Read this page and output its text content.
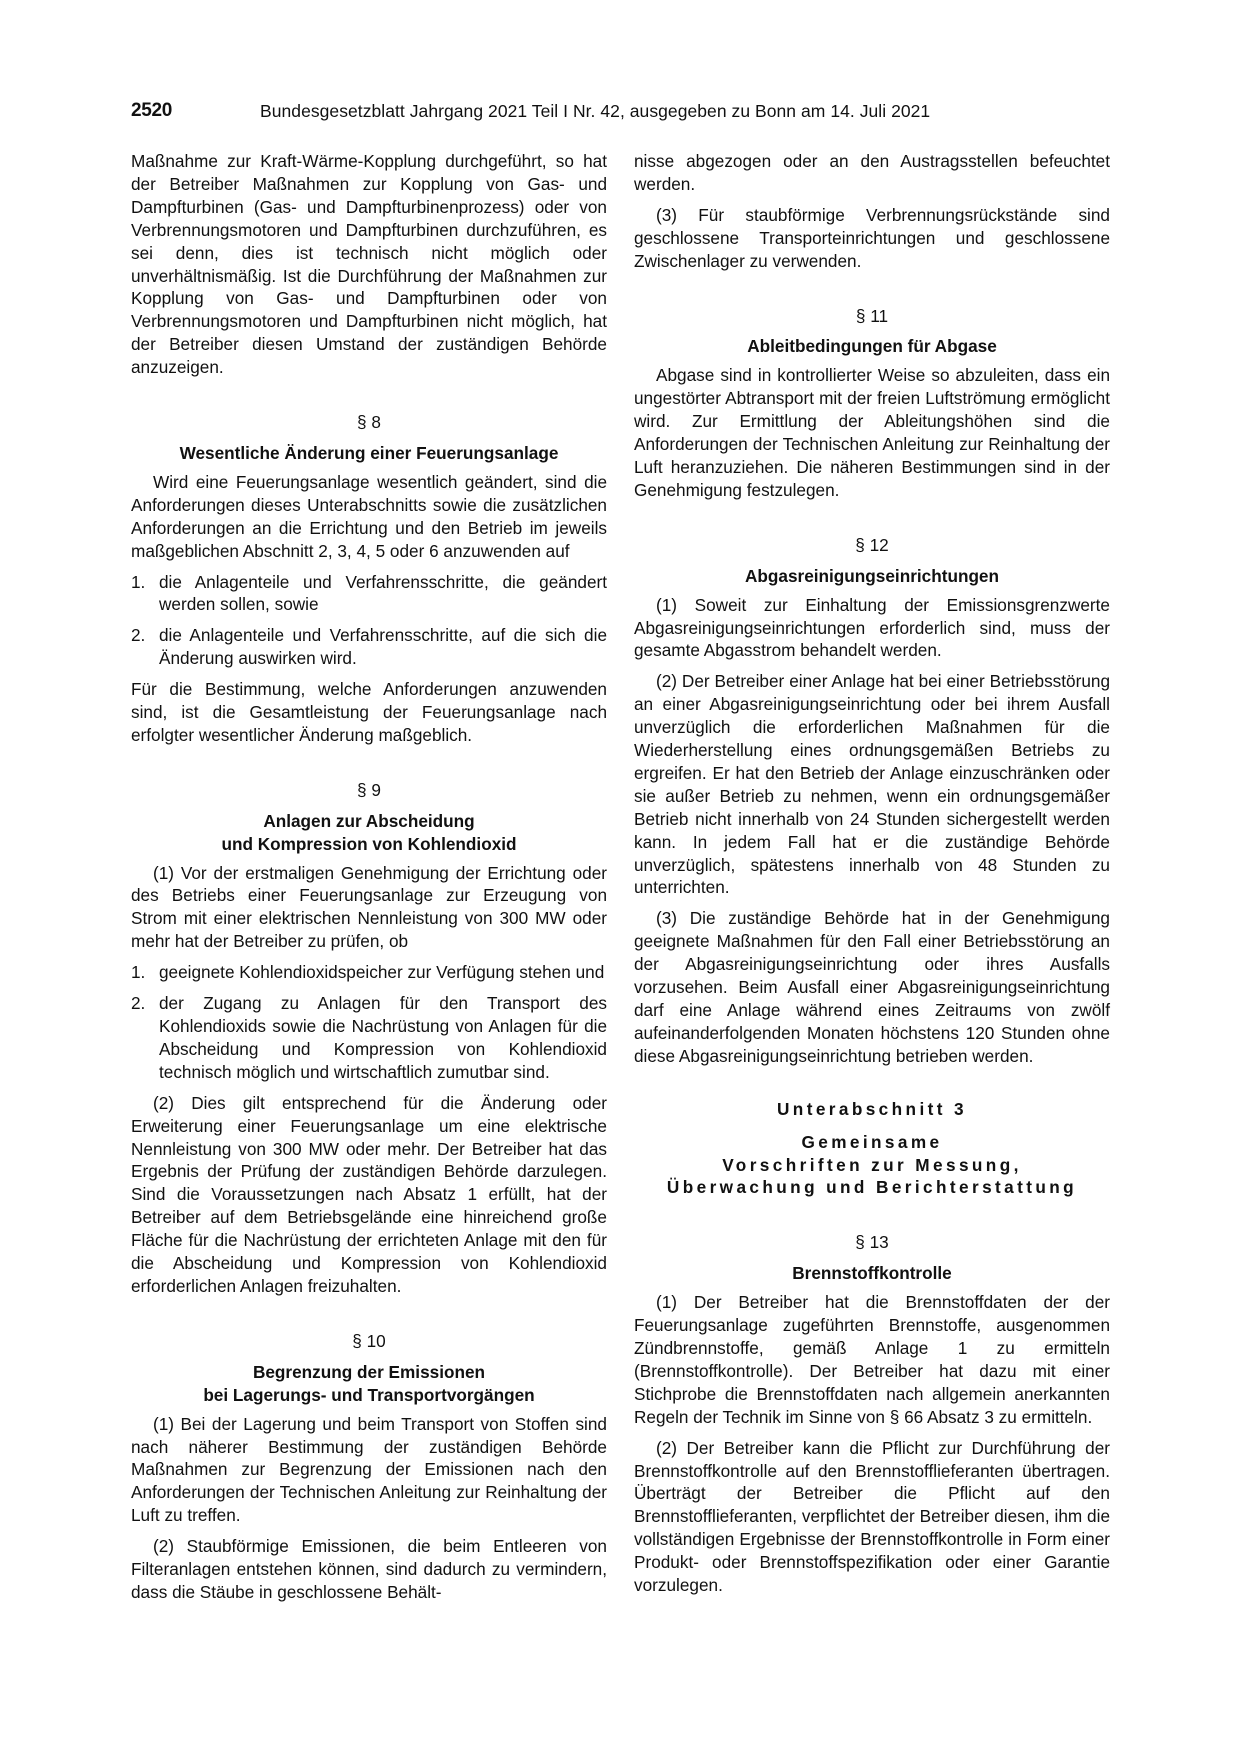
2520	Bundesgesetzblatt Jahrgang 2021 Teil I Nr. 42, ausgegeben zu Bonn am 14. Juli 2021

Maßnahme zur Kraft-Wärme-Kopplung durchgeführt, so hat der Betreiber Maßnahmen zur Kopplung von Gas- und Dampfturbinen (Gas- und Dampfturbinenprozess) oder von Verbrennungsmotoren und Dampfturbinen durchzuführen, es sei denn, dies ist technisch nicht möglich oder unverhältnismäßig. Ist die Durchführung der Maßnahmen zur Kopplung von Gas- und Dampfturbinen oder von Verbrennungsmotoren und Dampfturbinen nicht möglich, hat der Betreiber diesen Umstand der zuständigen Behörde anzuzeigen.

§ 8
Wesentliche Änderung einer Feuerungsanlage

Wird eine Feuerungsanlage wesentlich geändert, sind die Anforderungen dieses Unterabschnitts sowie die zusätzlichen Anforderungen an die Errichtung und den Betrieb im jeweils maßgeblichen Abschnitt 2, 3, 4, 5 oder 6 anzuwenden auf

1. die Anlagenteile und Verfahrensschritte, die geändert werden sollen, sowie
2. die Anlagenteile und Verfahrensschritte, auf die sich die Änderung auswirken wird.

Für die Bestimmung, welche Anforderungen anzuwenden sind, ist die Gesamtleistung der Feuerungsanlage nach erfolgter wesentlicher Änderung maßgeblich.

§ 9
Anlagen zur Abscheidung
und Kompression von Kohlendioxid

(1) Vor der erstmaligen Genehmigung der Errichtung oder des Betriebs einer Feuerungsanlage zur Erzeugung von Strom mit einer elektrischen Nennleistung von 300 MW oder mehr hat der Betreiber zu prüfen, ob

1. geeignete Kohlendioxidspeicher zur Verfügung stehen und
2. der Zugang zu Anlagen für den Transport des Kohlendioxids sowie die Nachrüstung von Anlagen für die Abscheidung und Kompression von Kohlendioxid technisch möglich und wirtschaftlich zumutbar sind.

(2) Dies gilt entsprechend für die Änderung oder Erweiterung einer Feuerungsanlage um eine elektrische Nennleistung von 300 MW oder mehr. Der Betreiber hat das Ergebnis der Prüfung der zuständigen Behörde darzulegen. Sind die Voraussetzungen nach Absatz 1 erfüllt, hat der Betreiber auf dem Betriebsgelände eine hinreichend große Fläche für die Nachrüstung der errichteten Anlage mit den für die Abscheidung und Kompression von Kohlendioxid erforderlichen Anlagen freizuhalten.

§ 10
Begrenzung der Emissionen
bei Lagerungs- und Transportvorgängen

(1) Bei der Lagerung und beim Transport von Stoffen sind nach näherer Bestimmung der zuständigen Behörde Maßnahmen zur Begrenzung der Emissionen nach den Anforderungen der Technischen Anleitung zur Reinhaltung der Luft zu treffen.

(2) Staubförmige Emissionen, die beim Entleeren von Filteranlagen entstehen können, sind dadurch zu vermindern, dass die Stäube in geschlossene Behält-

nisse abgezogen oder an den Austragsstellen befeuchtet werden.

(3) Für staubförmige Verbrennungsrückstände sind geschlossene Transporteinrichtungen und geschlossene Zwischenlager zu verwenden.

§ 11
Ableitbedingungen für Abgase

Abgase sind in kontrollierter Weise so abzuleiten, dass ein ungestörter Abtransport mit der freien Luftströmung ermöglicht wird. Zur Ermittlung der Ableitungshöhen sind die Anforderungen der Technischen Anleitung zur Reinhaltung der Luft heranzuziehen. Die näheren Bestimmungen sind in der Genehmigung festzulegen.

§ 12
Abgasreinigungseinrichtungen

(1) Soweit zur Einhaltung der Emissionsgrenzwerte Abgasreinigungseinrichtungen erforderlich sind, muss der gesamte Abgasstrom behandelt werden.

(2) Der Betreiber einer Anlage hat bei einer Betriebsstörung an einer Abgasreinigungseinrichtung oder bei ihrem Ausfall unverzüglich die erforderlichen Maßnahmen für die Wiederherstellung eines ordnungsgemäßen Betriebs zu ergreifen. Er hat den Betrieb der Anlage einzuschränken oder sie außer Betrieb zu nehmen, wenn ein ordnungsgemäßer Betrieb nicht innerhalb von 24 Stunden sichergestellt werden kann. In jedem Fall hat er die zuständige Behörde unverzüglich, spätestens innerhalb von 48 Stunden zu unterrichten.

(3) Die zuständige Behörde hat in der Genehmigung geeignete Maßnahmen für den Fall einer Betriebsstörung an der Abgasreinigungseinrichtung oder ihres Ausfalls vorzusehen. Beim Ausfall einer Abgasreinigungseinrichtung darf eine Anlage während eines Zeitraums von zwölf aufeinanderfolgenden Monaten höchstens 120 Stunden ohne diese Abgasreinigungseinrichtung betrieben werden.

Unterabschnitt 3
Gemeinsame
Vorschriften zur Messung,
Überwachung und Berichterstattung
§ 13
Brennstoffkontrolle

(1) Der Betreiber hat die Brennstoffdaten der der Feuerungsanlage zugeführten Brennstoffe, ausgenommen Zündbrennstoffe, gemäß Anlage 1 zu ermitteln (Brennstoffkontrolle). Der Betreiber hat dazu mit einer Stichprobe die Brennstoffdaten nach allgemein anerkannten Regeln der Technik im Sinne von § 66 Absatz 3 zu ermitteln.

(2) Der Betreiber kann die Pflicht zur Durchführung der Brennstoffkontrolle auf den Brennstofflieferanten übertragen. Überträgt der Betreiber die Pflicht auf den Brennstofflieferanten, verpflichtet der Betreiber diesen, ihm die vollständigen Ergebnisse der Brennstoffkontrolle in Form einer Produkt- oder Brennstoffspezifikation oder einer Garantie vorzulegen.
